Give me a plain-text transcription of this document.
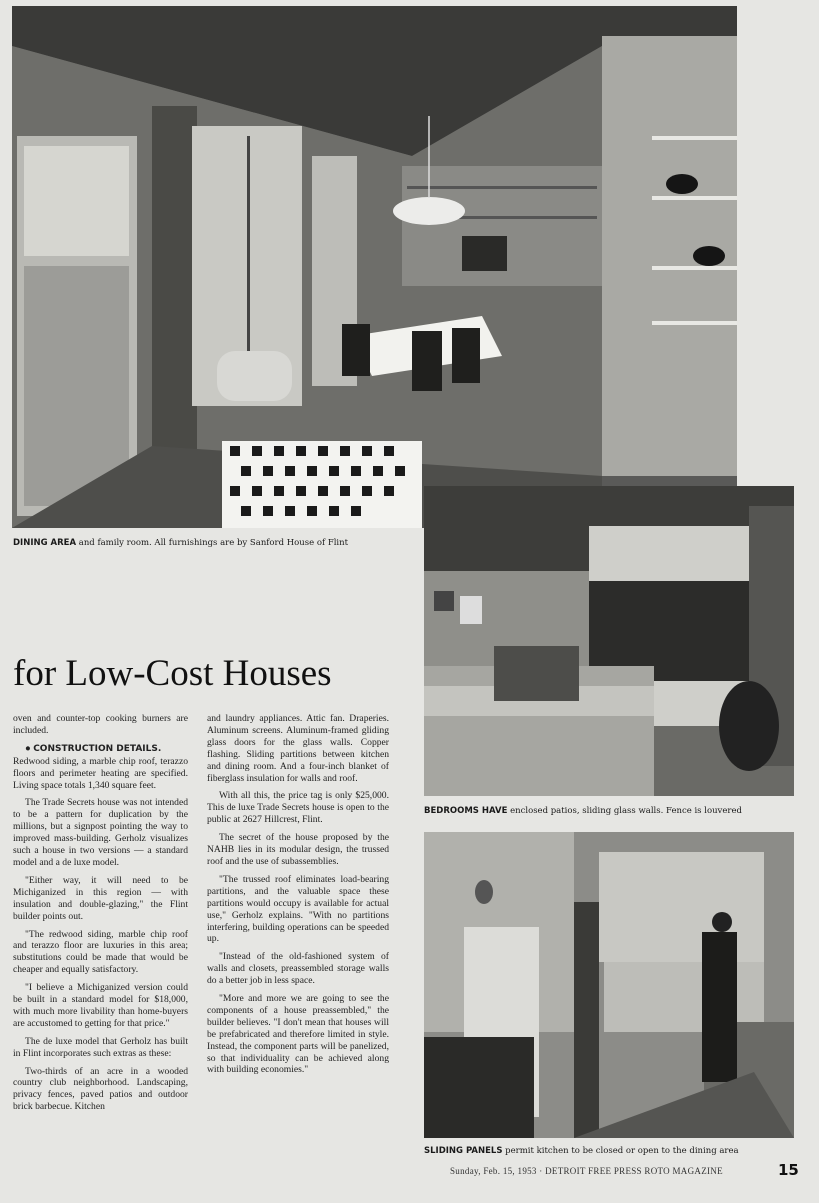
DINING AREA and family room. All furnishings are by Sanford House of Flint
BEDROOMS HAVE enclosed patios, sliding glass walls. Fence is louvered
SLIDING PANELS permit kitchen to be closed or open to the dining area
for Low-Cost Houses

oven and counter-top cooking burners are included.

● CONSTRUCTION DETAILS.

Redwood siding, a marble chip roof, terazzo floors and perimeter heating are specified. Living space totals 1,340 square feet.

The Trade Secrets house was not intended to be a pattern for duplication by the millions, but a signpost pointing the way to improved mass-building. Gerholz visualizes such a house in two versions — a standard model and a de luxe model.

"Either way, it will need to be Michiganized in this region — with insulation and double-glazing," the Flint builder points out.

"The redwood siding, marble chip roof and terazzo floor are luxuries in this area; substitutions could be made that would be cheaper and equally satisfactory.

"I believe a Michiganized version could be built in a standard model for $18,000, with much more livability than home-buyers are accustomed to getting for that price."

The de luxe model that Gerholz has built in Flint incorporates such extras as these:

Two-thirds of an acre in a wooded country club neighborhood. Landscaping, privacy fences, paved patios and outdoor brick barbecue. Kitchen

and laundry appliances. Attic fan. Draperies. Aluminum screens. Aluminum-framed gliding glass doors for the glass walls. Copper flashing. Sliding partitions between kitchen and dining room. And a four-inch blanket of fiberglass insulation for walls and roof.

With all this, the price tag is only $25,000. This de luxe Trade Secrets house is open to the public at 2627 Hillcrest, Flint.

The secret of the house proposed by the NAHB lies in its modular design, the trussed roof and the use of subassemblies.

"The trussed roof eliminates load-bearing partitions, and the valuable space these partitions would occupy is available for actual use," Gerholz explains. "With no partitions interfering, building operations can be speeded up.

"Instead of the old-fashioned system of walls and closets, preassembled storage walls do a better job in less space.

"More and more we are going to see the components of a house preassembled," the builder believes. "I don't mean that houses will be prefabricated and therefore limited in style. Instead, the component parts will be panelized, so that individuality can be achieved along with building economies."

Sunday, Feb. 15, 1953 · DETROIT FREE PRESS ROTO MAGAZINE	15
